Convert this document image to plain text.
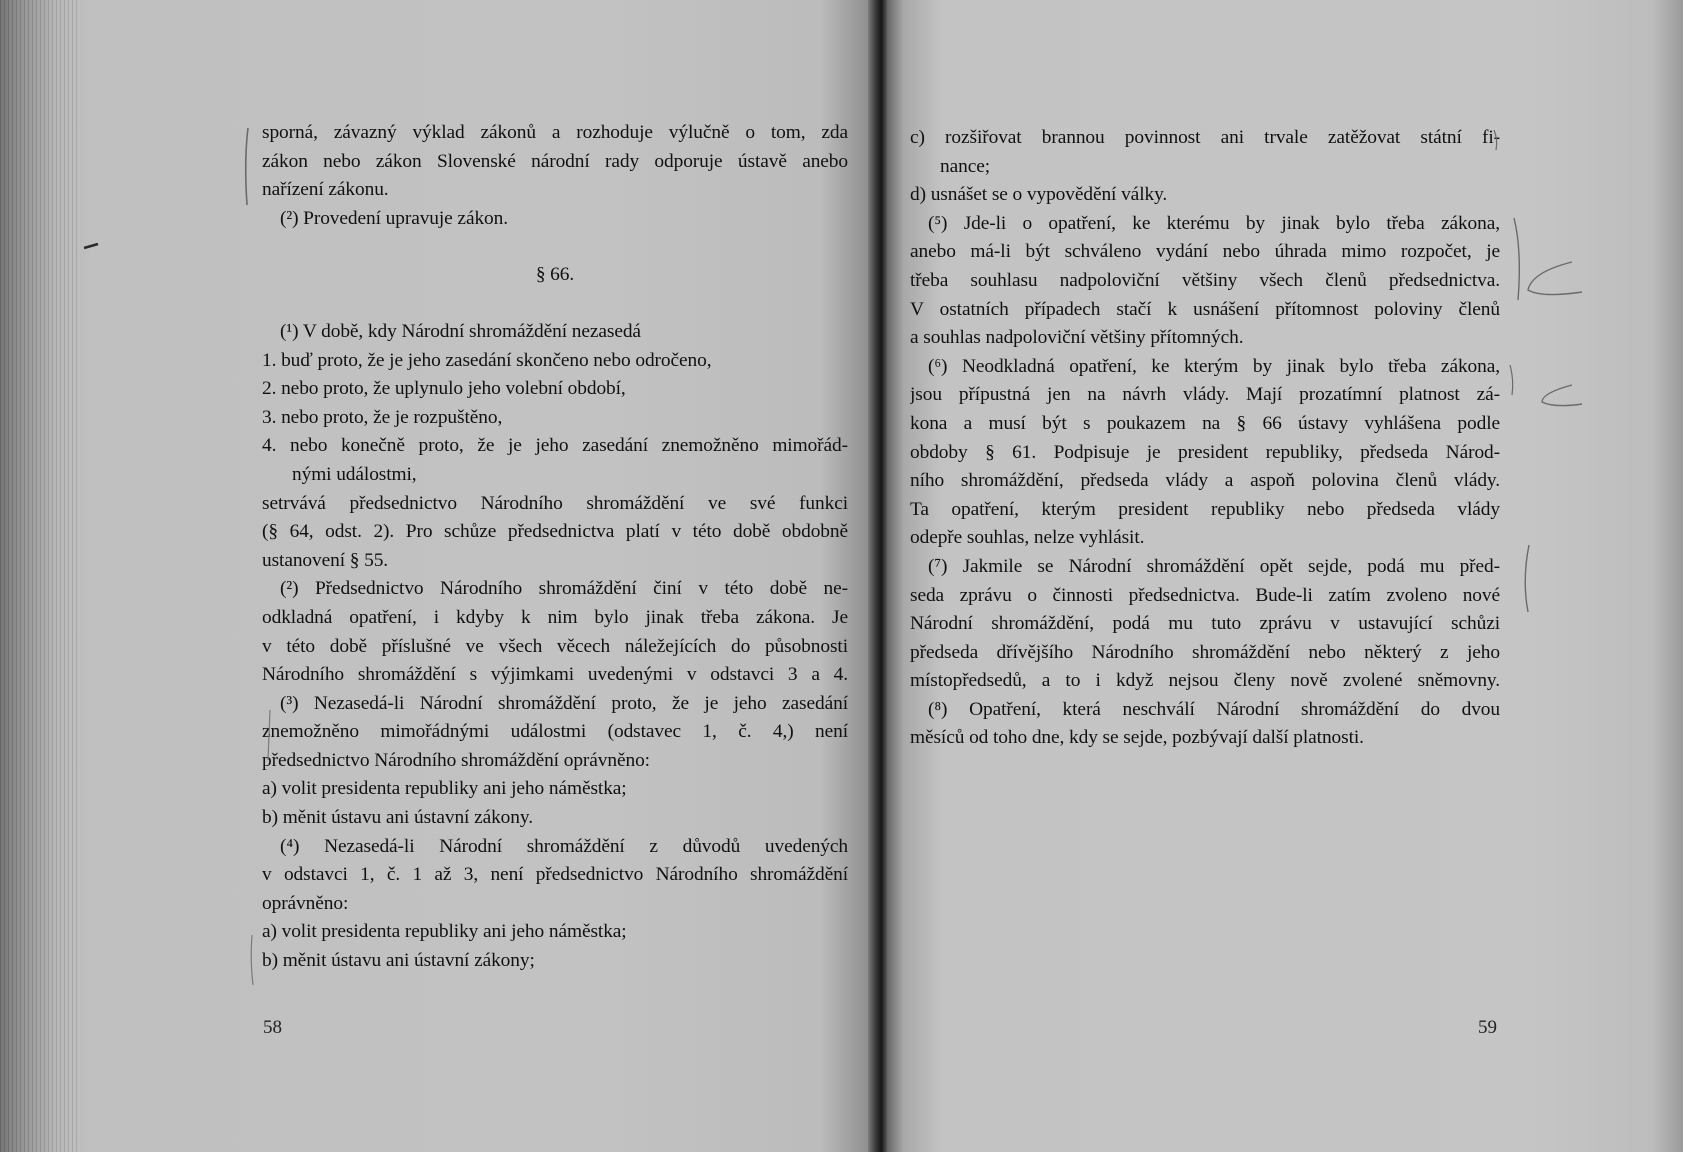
sporná, závazný výklad zákonů a rozhoduje výlučně o tom, zda
zákon nebo zákon Slovenské národní rady odporuje ústavě anebo
nařízení zákonu.
(²) Provedení upravuje zákon.
§ 66.
(¹) V době, kdy Národní shromáždění nezasedá
1. buď proto, že je jeho zasedání skončeno nebo odročeno,
2. nebo proto, že uplynulo jeho volební období,
3. nebo proto, že je rozpuštěno,
4. nebo konečně proto, že je jeho zasedání znemožněno mimořád-
nými událostmi,
setrvává předsednictvo Národního shromáždění ve své funkci
(§ 64, odst. 2). Pro schůze předsednictva platí v této době obdobně
ustanovení § 55.
(²) Předsednictvo Národního shromáždění činí v této době ne-
odkladná opatření, i kdyby k nim bylo jinak třeba zákona. Je
v této době příslušné ve všech věcech náležejících do působnosti
Národního shromáždění s výjimkami uvedenými v odstavci 3 a 4.
(³) Nezasedá-li Národní shromáždění proto, že je jeho zasedání
znemožněno mimořádnými událostmi (odstavec 1, č. 4,) není
předsednictvo Národního shromáždění oprávněno:
a) volit presidenta republiky ani jeho náměstka;
b) měnit ústavu ani ústavní zákony.
(⁴) Nezasedá-li Národní shromáždění z důvodů uvedených
v odstavci 1, č. 1 až 3, není předsednictvo Národního shromáždění
oprávněno:
a) volit presidenta republiky ani jeho náměstka;
b) měnit ústavu ani ústavní zákony;
58
c) rozšiřovat brannou povinnost ani trvale zatěžovat státní fi-
nance;
d) usnášet se o vypovědění války.
(⁵) Jde-li o opatření, ke kterému by jinak bylo třeba zákona,
anebo má-li být schváleno vydání nebo úhrada mimo rozpočet, je
třeba souhlasu nadpoloviční většiny všech členů předsednictva.
V ostatních případech stačí k usnášení přítomnost poloviny členů
a souhlas nadpoloviční většiny přítomných.
(⁶) Neodkladná opatření, ke kterým by jinak bylo třeba zákona,
jsou přípustná jen na návrh vlády. Mají prozatímní platnost zá-
kona a musí být s poukazem na § 66 ústavy vyhlášena podle
obdoby § 61. Podpisuje je president republiky, předseda Národ-
ního shromáždění, předseda vlády a aspoň polovina členů vlády.
Ta opatření, kterým president republiky nebo předseda vlády
odepře souhlas, nelze vyhlásit.
(⁷) Jakmile se Národní shromáždění opět sejde, podá mu před-
seda zprávu o činnosti předsednictva. Bude-li zatím zvoleno nové
Národní shromáždění, podá mu tuto zprávu v ustavující schůzi
předseda dřívějšího Národního shromáždění nebo některý z jeho
místopředsedů, a to i když nejsou členy nově zvolené sněmovny.
(⁸) Opatření, která neschválí Národní shromáždění do dvou
měsíců od toho dne, kdy se sejde, pozbývají další platnosti.
59
